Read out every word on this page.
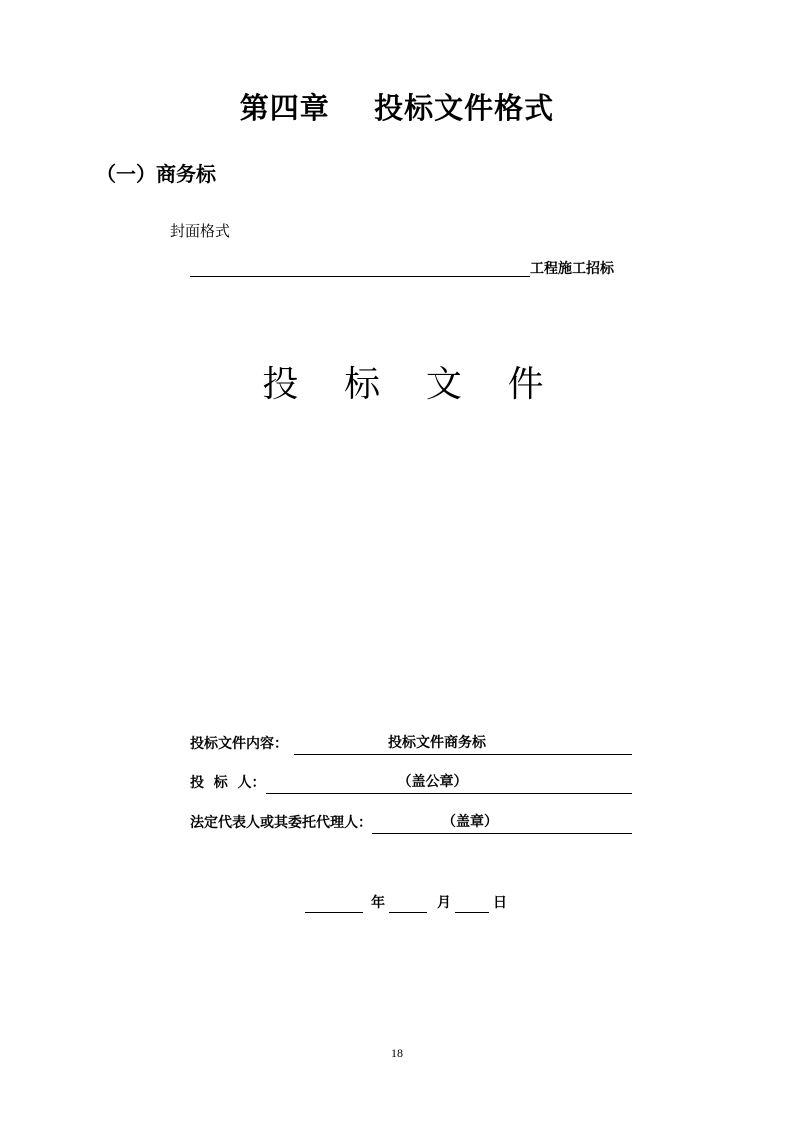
第四章    投标文件格式
（一）商务标
封面格式
工程施工招标
投    标    文    件
投标文件内容：	投标文件商务标
投  标  人：	（盖公章）
法定代表人或其委托代理人：	（盖章）
年	月	日
18
